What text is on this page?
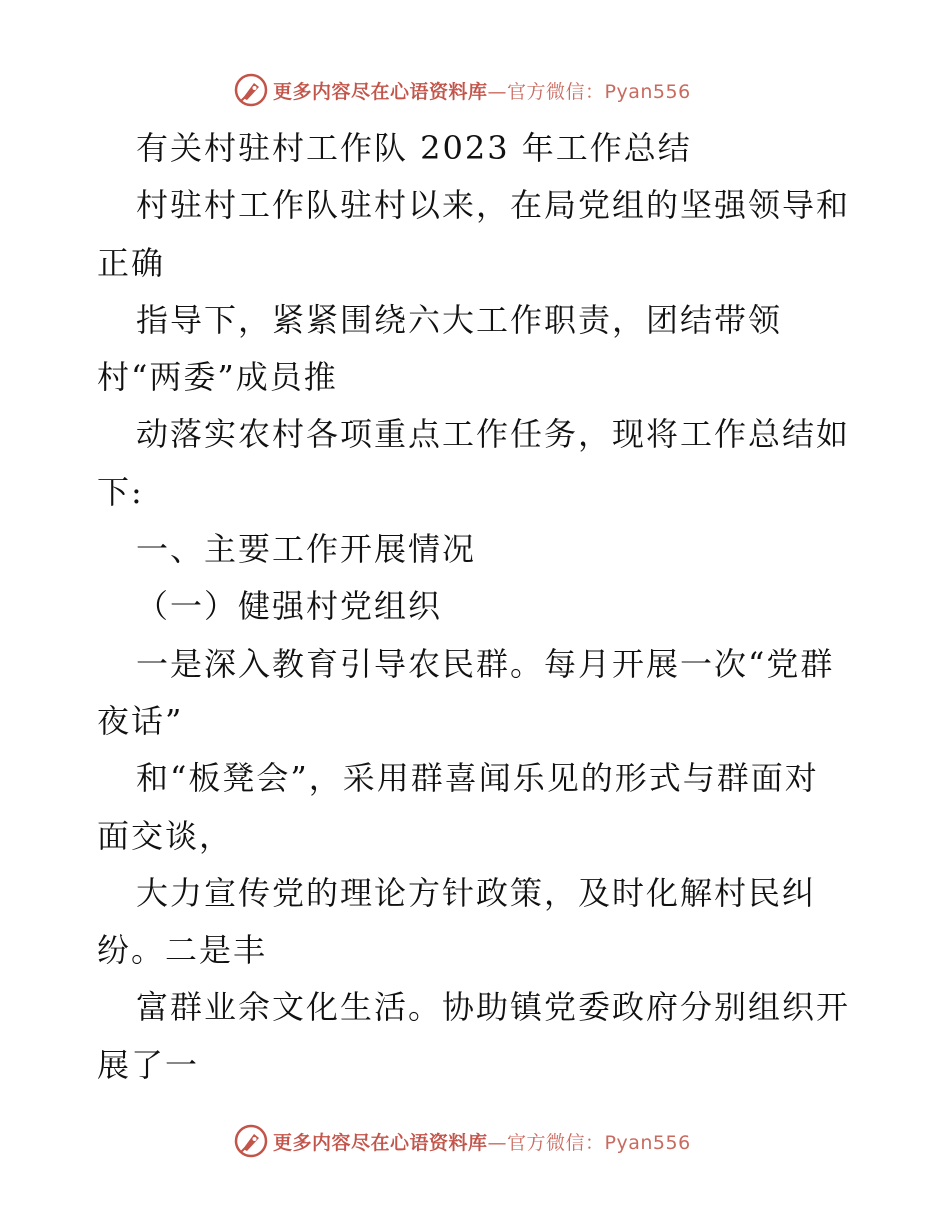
更多内容尽在心语资料库 —官方微信：Pyan556
有关村驻村工作队 2023 年工作总结
村驻村工作队驻村以来，在局党组的坚强领导和
正确
指导下，紧紧围绕六大工作职责，团结带领
村“两委”成员推
动落实农村各项重点工作任务，现将工作总结如
下:
一、主要工作开展情况
（一）健强村党组织
一是深入教育引导农民群。每月开展一次“党群
夜话”
和“板凳会”，采用群喜闻乐见的形式与群面对
面交谈，
大力宣传党的理论方针政策，及时化解村民纠
纷。二是丰
富群业余文化生活。协助镇党委政府分别组织开
展了一
更多内容尽在心语资料库 —官方微信：Pyan556
